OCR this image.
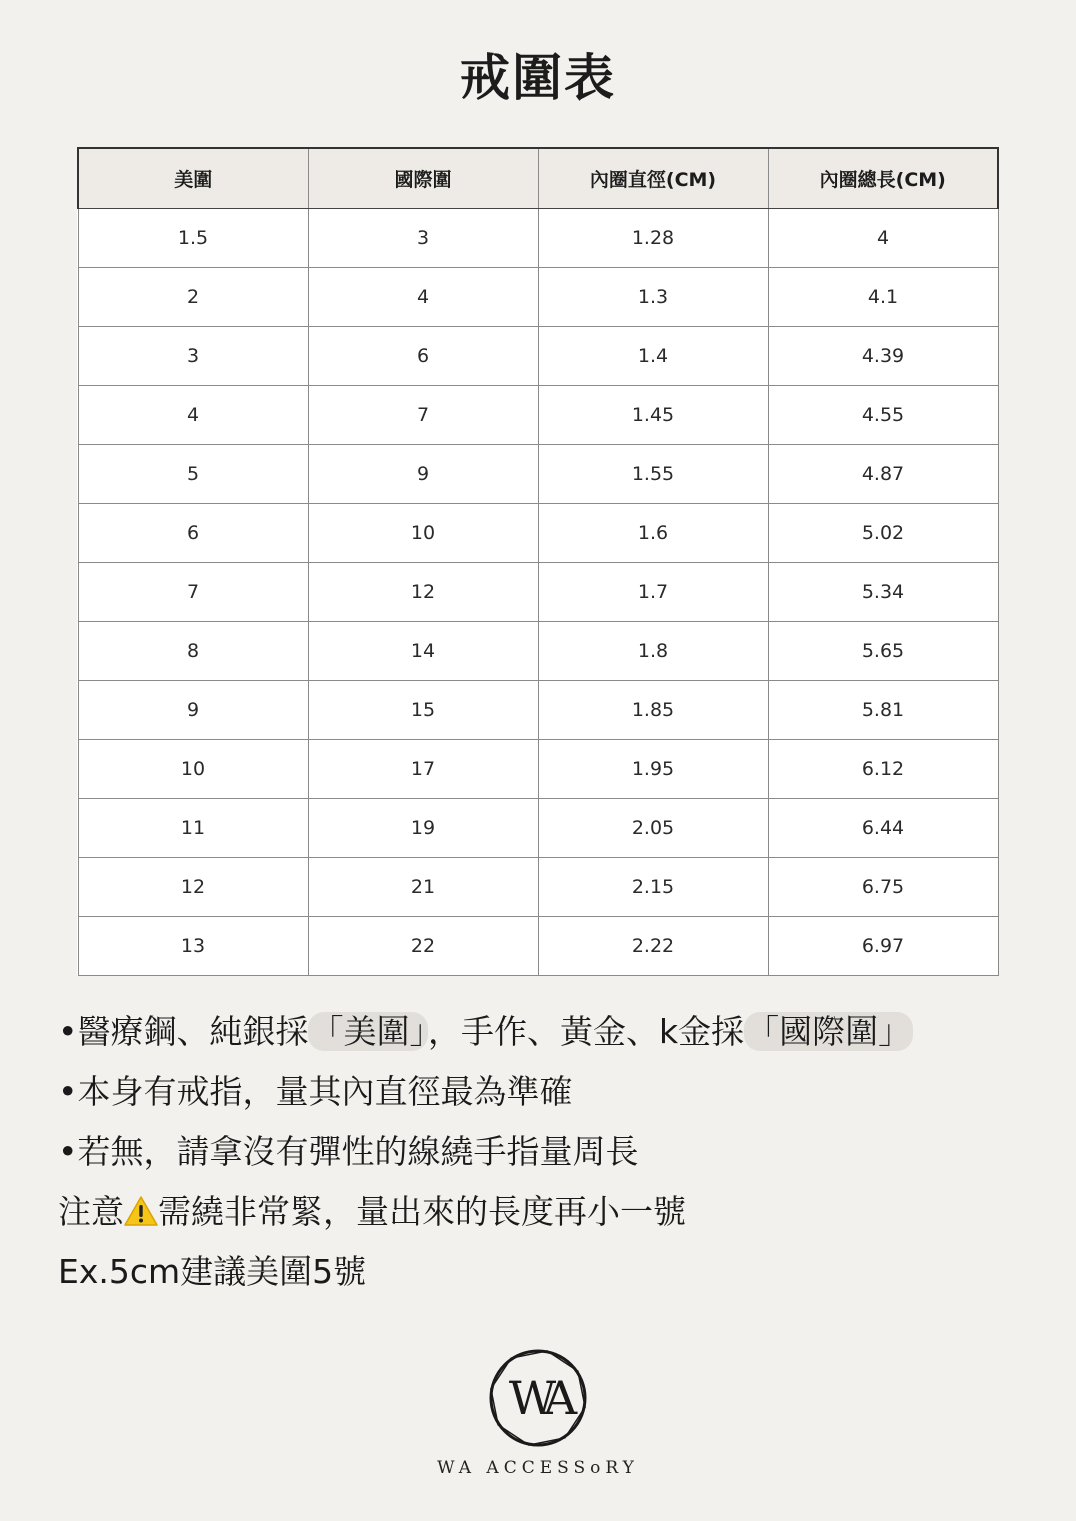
戒圍表
美圍	國際圍	內圈直徑(CM)	內圈總長(CM)
1.5	3	1.28	4
2	4	1.3	4.1
3	6	1.4	4.39
4	7	1.45	4.55
5	9	1.55	4.87
6	10	1.6	5.02
7	12	1.7	5.34
8	14	1.8	5.65
9	15	1.85	5.81
10	17	1.95	6.12
11	19	2.05	6.44
12	21	2.15	6.75
13	22	2.22	6.97
•醫療鋼、純銀採「美圍」，手作、黃金、k金採「國際圍」
•本身有戒指，量其內直徑最為準確
•若無，請拿沒有彈性的線繞手指量周長
注意 需繞非常緊，量出來的長度再小一號
Ex.5cm建議美圍5號
WA
WA ACCESSoRY
